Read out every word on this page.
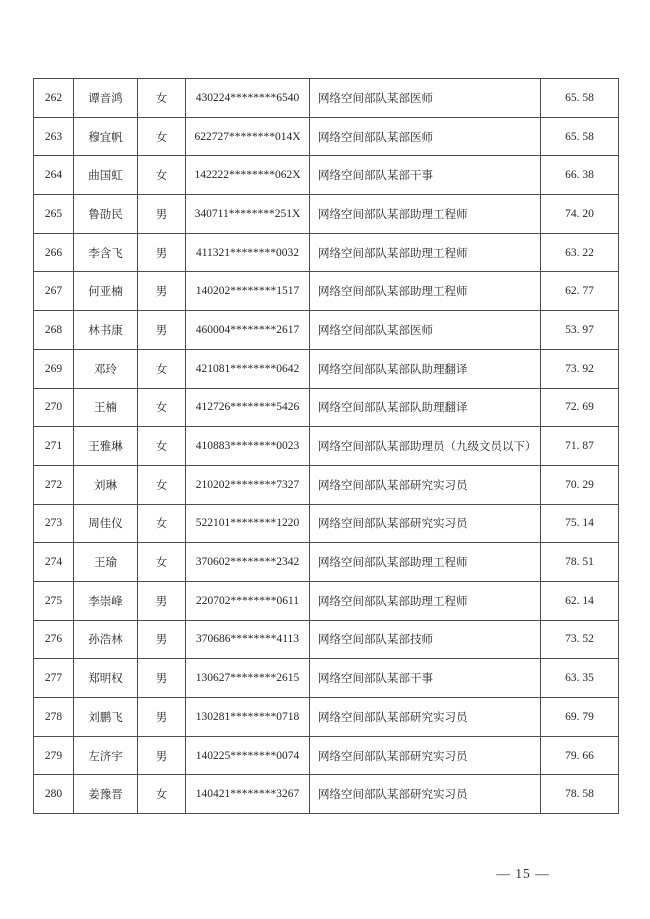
262	谭音鸿	女	430224********6540	网络空间部队某部医师	65. 58
263	穆宜帆	女	622727********014X	网络空间部队某部医师	65. 58
264	曲国虹	女	142222********062X	网络空间部队某部干事	66. 38
265	鲁劭民	男	340711********251X	网络空间部队某部助理工程师	74. 20
266	李含飞	男	411321********0032	网络空间部队某部助理工程师	63. 22
267	何亚楠	男	140202********1517	网络空间部队某部助理工程师	62. 77
268	林书康	男	460004********2617	网络空间部队某部医师	53. 97
269	邓玲	女	421081********0642	网络空间部队某部队助理翻译	73. 92
270	王楠	女	412726********5426	网络空间部队某部队助理翻译	72. 69
271	王雅琳	女	410883********0023	网络空间部队某部助理员（九级文员以下）	71. 87
272	刘琳	女	210202********7327	网络空间部队某部研究实习员	70. 29
273	周佳仪	女	522101********1220	网络空间部队某部研究实习员	75. 14
274	王瑜	女	370602********2342	网络空间部队某部助理工程师	78. 51
275	李崇峰	男	220702********0611	网络空间部队某部助理工程师	62. 14
276	孙浩林	男	370686********4113	网络空间部队某部技师	73. 52
277	郑明权	男	130627********2615	网络空间部队某部干事	63. 35
278	刘鹏飞	男	130281********0718	网络空间部队某部研究实习员	69. 79
279	左济宇	男	140225********0074	网络空间部队某部研究实习员	79. 66
280	姜豫晋	女	140421********3267	网络空间部队某部研究实习员	78. 58
— 15 —
